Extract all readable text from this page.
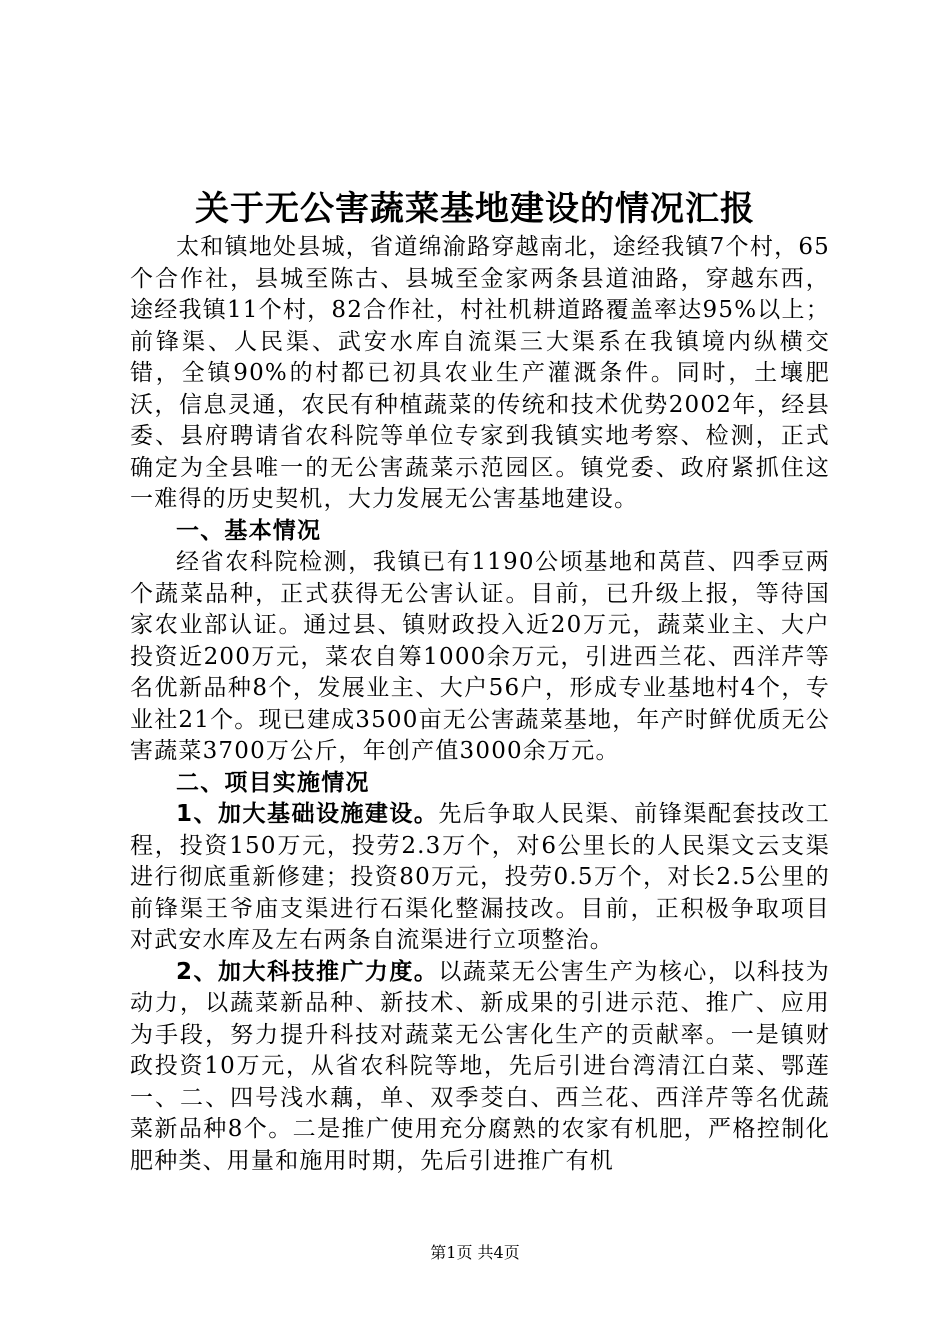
关于无公害蔬菜基地建设的情况汇报

太和镇地处县城，省道绵渝路穿越南北，途经我镇7个村，65个合作社，县城至陈古、县城至金家两条县道油路，穿越东西，途经我镇11个村，82合作社，村社机耕道路覆盖率达95%以上；前锋渠、人民渠、武安水库自流渠三大渠系在我镇境内纵横交错，全镇90%的村都已初具农业生产灌溉条件。同时，土壤肥沃，信息灵通，农民有种植蔬菜的传统和技术优势2002年，经县委、县府聘请省农科院等单位专家到我镇实地考察、检测，正式确定为全县唯一的无公害蔬菜示范园区。镇党委、政府紧抓住这一难得的历史契机，大力发展无公害基地建设。

一、基本情况

经省农科院检测，我镇已有1190公顷基地和莴苣、四季豆两个蔬菜品种，正式获得无公害认证。目前，已升级上报，等待国家农业部认证。通过县、镇财政投入近20万元，蔬菜业主、大户投资近200万元，菜农自筹1000余万元，引进西兰花、西洋芹等名优新品种8个，发展业主、大户56户，形成专业基地村4个，专业社21个。现已建成3500亩无公害蔬菜基地，年产时鲜优质无公害蔬菜3700万公斤，年创产值3000余万元。

二、项目实施情况

1、加大基础设施建设。先后争取人民渠、前锋渠配套技改工程，投资150万元，投劳2.3万个，对6公里长的人民渠文云支渠进行彻底重新修建；投资80万元，投劳0.5万个，对长2.5公里的前锋渠王爷庙支渠进行石渠化整漏技改。目前，正积极争取项目对武安水库及左右两条自流渠进行立项整治。

2、加大科技推广力度。以蔬菜无公害生产为核心，以科技为动力，以蔬菜新品种、新技术、新成果的引进示范、推广、应用为手段，努力提升科技对蔬菜无公害化生产的贡献率。一是镇财政投资10万元，从省农科院等地，先后引进台湾清江白菜、鄂莲一、二、四号浅水藕，单、双季茭白、西兰花、西洋芹等名优蔬菜新品种8个。二是推广使用充分腐熟的农家有机肥，严格控制化肥种类、用量和施用时期，先后引进推广有机

第1页 共4页
